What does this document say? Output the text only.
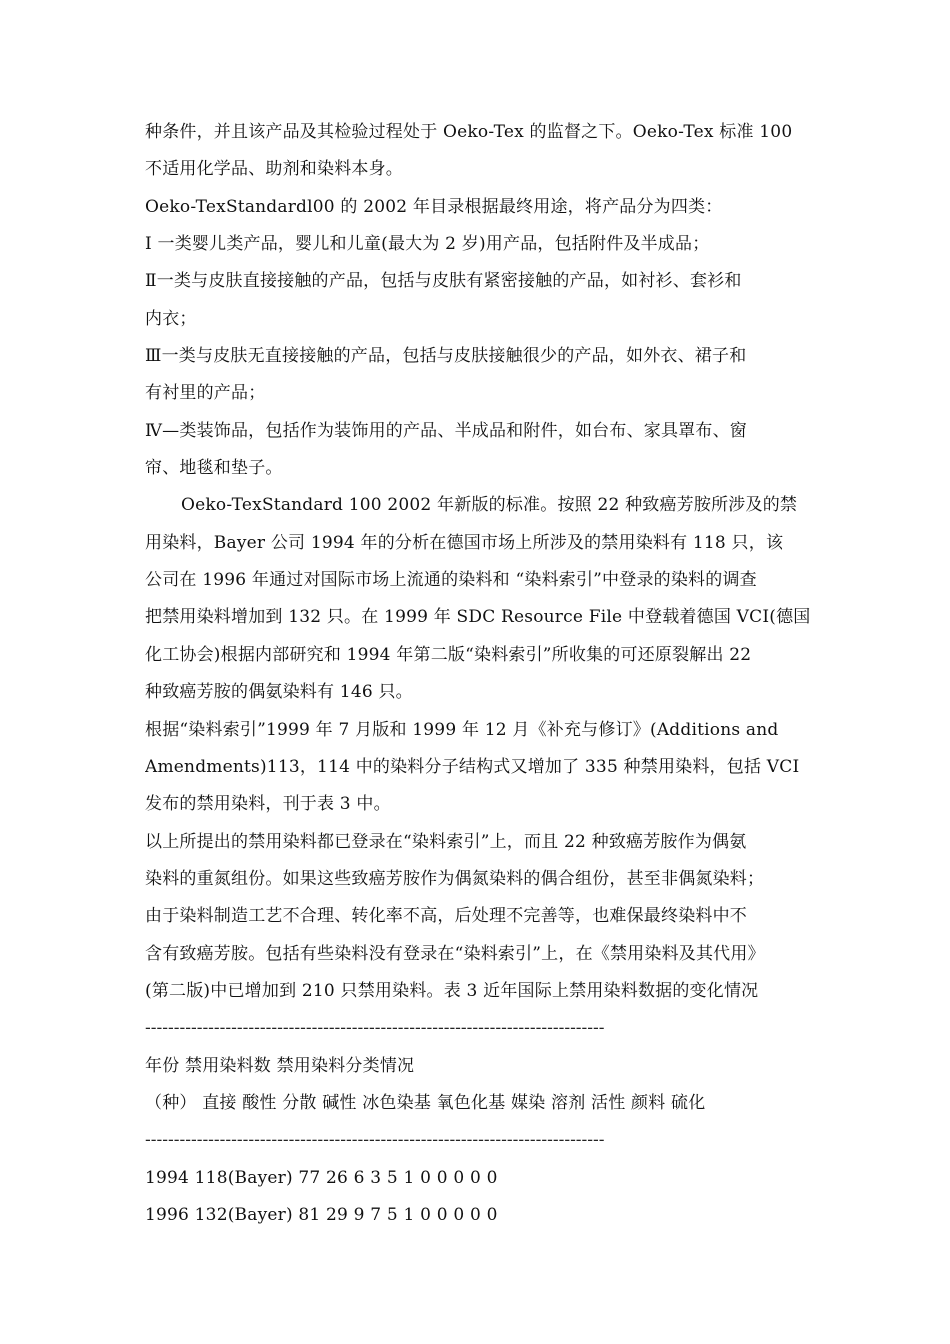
种条件，并且该产品及其检验过程处于 Oeko-Tex 的监督之下。Oeko-Tex 标准 100
不适用化学品、助剂和染料本身。
Oeko-TexStandardl00 的 2002 年目录根据最终用途，将产品分为四类：
I 一类婴儿类产品，婴儿和儿童(最大为 2 岁)用产品，包括附件及半成品；
Ⅱ一类与皮肤直接接触的产品，包括与皮肤有紧密接触的产品，如衬衫、套衫和
内衣；
Ⅲ一类与皮肤无直接接触的产品，包括与皮肤接触很少的产品，如外衣、裙子和
有衬里的产品；
Ⅳ—类装饰品，包括作为装饰用的产品、半成品和附件，如台布、家具罩布、窗
帘、地毯和垫子。
Oeko-TexStandard 100 2002 年新版的标准。按照 22 种致癌芳胺所涉及的禁
用染料，Bayer 公司 1994 年的分析在德国市场上所涉及的禁用染料有 118 只，该
公司在 1996 年通过对国际市场上流通的染料和 “染料索引”中登录的染料的调查
把禁用染料增加到 132 只。在 1999 年 SDC Resource File 中登载着德国 VCI(德国
化工协会)根据内部研究和 1994 年第二版“染料索引”所收集的可还原裂解出 22
种致癌芳胺的偶氨染料有 146 只。
根据“染料索引”1999 年 7 月版和 1999 年 12 月《补充与修订》(Additions and
Amendments)113，114 中的染料分子结构式又增加了 335 种禁用染料，包括 VCI
发布的禁用染料，刊于表 3 中。
以上所提出的禁用染料都已登录在“染料索引”上，而且 22 种致癌芳胺作为偶氨
染料的重氮组份。如果这些致癌芳胺作为偶氮染料的偶合组份，甚至非偶氮染料；
由于染料制造工艺不合理、转化率不高，后处理不完善等，也难保最终染料中不
含有致癌芳胺。包括有些染料没有登录在“染料索引”上，在《禁用染料及其代用》
(第二版)中已增加到 210 只禁用染料。表 3 近年国际上禁用染料数据的变化情况
--------------------------------------------------------------------------------
年份 禁用染料数 禁用染料分类情况
（种） 直接 酸性 分散 碱性 冰色染基 氧色化基 媒染 溶剂 活性 颜料 硫化
--------------------------------------------------------------------------------
1994 118(Bayer) 77 26 6 3 5 1 0 0 0 0 0
1996 132(Bayer) 81 29 9 7 5 1 0 0 0 0 0
